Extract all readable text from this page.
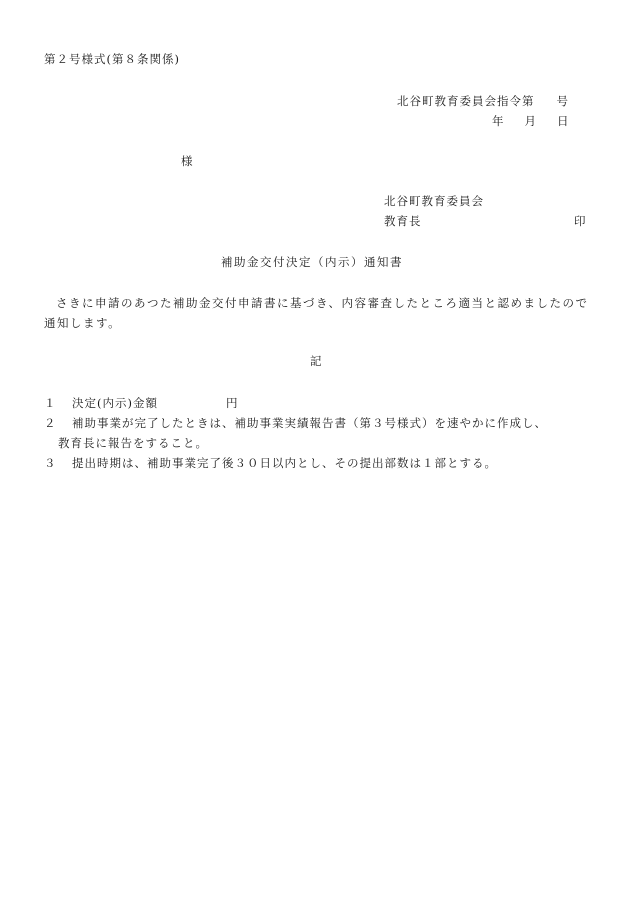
第２号様式(第８条関係)
北谷町教育委員会指令第 号
年 月 日
様
北谷町教育委員会
教育長	印
補助金交付決定（内示）通知書
さきに申請のあつた補助金交付申請書に基づき、内容審査したところ適当と認めましたので通知します。
記
１ 決定(内示)金額	円
２ 補助事業が完了したときは、補助事業実績報告書（第３号様式）を速やかに作成し、
教育長に報告をすること。
３ 提出時期は、補助事業完了後３０日以内とし、その提出部数は１部とする。
